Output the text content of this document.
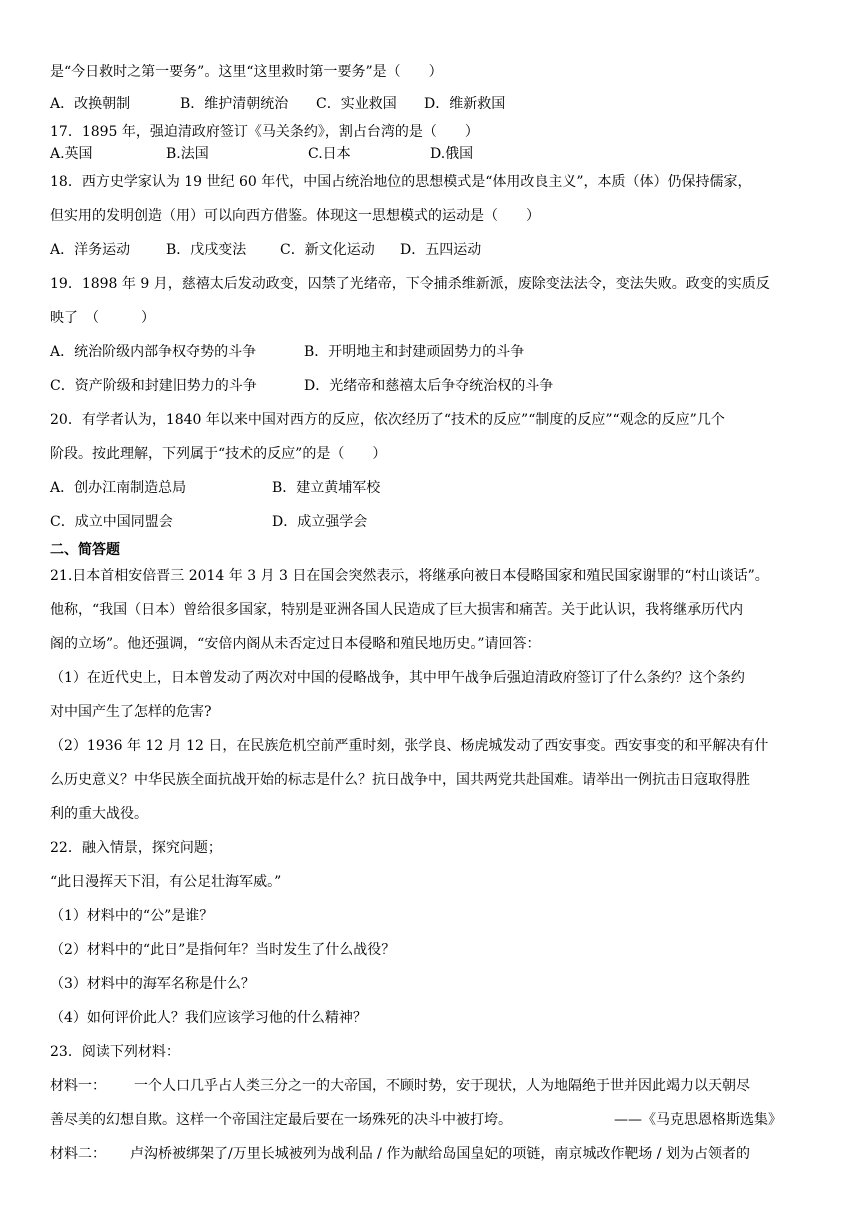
是“今日救时之第一要务”。这里“这里救时第一要务”是（　　）
A．改换朝制	B．维护清朝统治 C．实业救国 D．维新救国
17．1895 年，强迫清政府签订《马关条约》，割占台湾的是（　　）
A.英国	B.法国	C.日本	D.俄国
18．西方史学家认为 19 世纪 60 年代，中国占统治地位的思想模式是“体用改良主义”，本质（体）仍保持儒家，
但实用的发明创造（用）可以向西方借鉴。体现这一思想模式的运动是（　　）
A．洋务运动	B．戊戌变法 C．新文化运动 D．五四运动
19．1898 年 9 月，慈禧太后发动政变，囚禁了光绪帝，下令捕杀维新派，废除变法法令，变法失败。政变的实质反
映了　（　　　）
A．统治阶级内部争权夺势的斗争	B．开明地主和封建顽固势力的斗争
C．资产阶级和封建旧势力的斗争	D．光绪帝和慈禧太后争夺统治权的斗争
20．有学者认为，1840 年以来中国对西方的反应，依次经历了“技术的反应”“制度的反应”“观念的反应”几个
阶段。按此理解，下列属于“技术的反应”的是（　　）
A．创办江南制造总局	B．建立黄埔军校
C．成立中国同盟会	D．成立强学会
二、简答题
21.日本首相安倍晋三 2014 年 3 月 3 日在国会突然表示，将继承向被日本侵略国家和殖民国家谢罪的“村山谈话”。
他称，“我国（日本）曾给很多国家，特别是亚洲各国人民造成了巨大损害和痛苦。关于此认识，我将继承历代内
阁的立场”。他还强调，“安倍内阁从未否定过日本侵略和殖民地历史。”请回答：
（1）在近代史上，日本曾发动了两次对中国的侵略战争，其中甲午战争后强迫清政府签订了什么条约？这个条约
对中国产生了怎样的危害?
（2）1936 年 12 月 12 日，在民族危机空前严重时刻，张学良、杨虎城发动了西安事变。西安事变的和平解决有什
么历史意义？中华民族全面抗战开始的标志是什么？抗日战争中，国共两党共赴国难。请举出一例抗击日寇取得胜
利的重大战役。
22．融入情景，探究问题；
“此日漫挥天下泪，有公足壮海军威。”
（1）材料中的“公”是谁？
（2）材料中的“此日”是指何年？当时发生了什么战役？
（3）材料中的海军名称是什么？
（4）如何评价此人？我们应该学习他的什么精神？
23．阅读下列材料：
材料一： 一个人口几乎占人类三分之一的大帝国，不顾时势，安于现状，人为地隔绝于世并因此竭力以天朝尽
善尽美的幻想自欺。这样一个帝国注定最后要在一场殊死的决斗中被打垮。	——《马克思恩格斯选集》
材料二： 卢沟桥被绑架了/万里长城被列为战利品 / 作为献给岛国皇妃的项链，南京城改作靶场 / 划为占领者的
